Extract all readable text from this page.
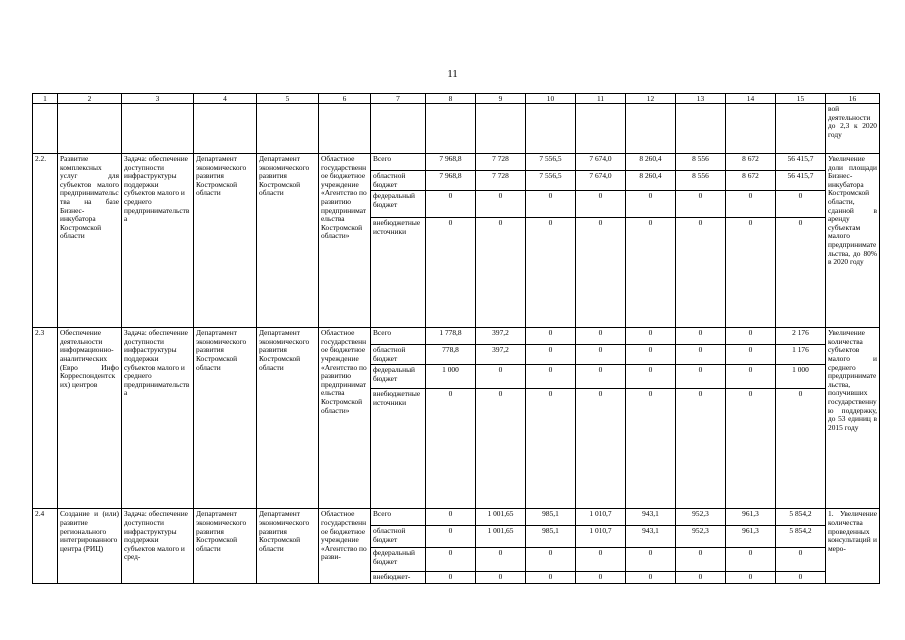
11
1	2	3	4	5	6	7	8	9	10	11	12	13	14	15	16
															вой деятельности до 2,3 к 2020 году
2.2.	Развитие комплексных услуг для субъектов малого предпринимательства на базе Бизнес-инкубатора Костромской области	Задача: обеспечение доступности инфраструктуры поддержки субъектов малого и среднего предпринимательства	Департамент экономического развития Костромской области	Департамент экономического развития Костромской области	Областное государственное бюджетное учреждение «Агентство по развитию предпринимательства Костромской области»	Всего	7 968,8	7 728	7 556,5	7 674,0	8 260,4	8 556	8 672	56 415,7	Увеличение доли площади Бизнес-инкубатора Костромской области, сданной в аренду субъектам малого предпринимательства, до 80% в 2020 году
						областной бюджет	7 968,8	7 728	7 556,5	7 674,0	8 260,4	8 556	8 672	56 415,7	
						федеральный бюджет	0	0	0	0	0	0	0	0	
						внебюджетные источники	0	0	0	0	0	0	0	0	
2.3	Обеспечение деятельности информационно-аналитических (Евро Инфо Корреспондентских) центров	Задача: обеспечение доступности инфраструктуры поддержки субъектов малого и среднего предпринимательства	Департамент экономического развития Костромской области	Департамент экономического развития Костромской области	Областное государственное бюджетное учреждение «Агентство по развитию предпринимательства Костромской области»	Всего	1 778,8	397,2	0	0	0	0	0	2 176	Увеличение количества субъектов малого и среднего предпринимательства, получивших государственную поддержку, до 53 единиц в 2015 году
						областной бюджет	778,8	397,2	0	0	0	0	0	1 176	
						федеральный бюджет	1 000	0	0	0	0	0	0	1 000	
						внебюджетные источники	0	0	0	0	0	0	0	0	
2.4	Создание и (или) развитие регионального интегрированного центра (РИЦ)	Задача: обеспечение доступности инфраструктуры поддержки субъектов малого и сред-	Департамент экономического развития Костромской области	Департамент экономического развития Костромской области	Областное государственное бюджетное учреждение «Агентство по разви-	Всего	0	1 001,65	985,1	1 010,7	943,1	952,3	961,3	5 854,2	1. Увеличение количества проведенных консультаций и меро-
						областной бюджет	0	1 001,65	985,1	1 010,7	943,1	952,3	961,3	5 854,2	
						федеральный бюджет	0	0	0	0	0	0	0	0	
						внебюджет-	0	0	0	0	0	0	0	0	
